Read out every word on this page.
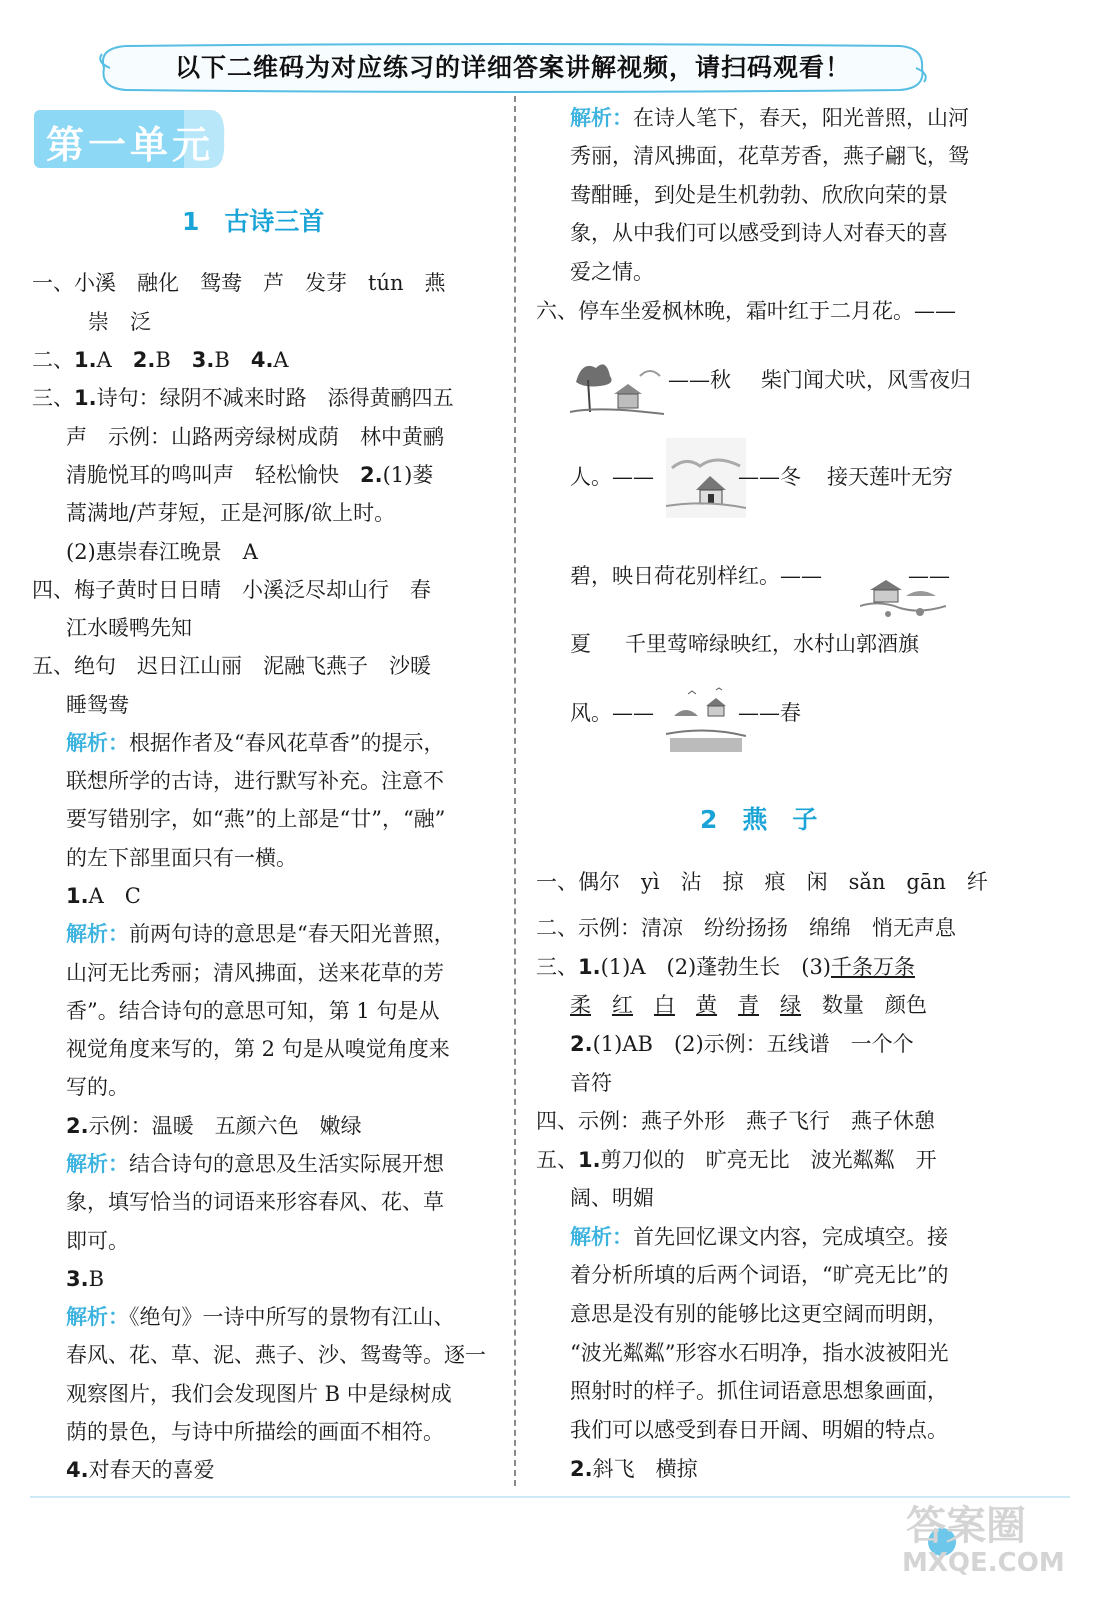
以下二维码为对应练习的详细答案讲解视频，请扫码观看！
第一单元
1　 古诗三首
一、小溪　融化　鸳鸯　芦　发芽　tún　燕
崇　泛
二、1.A　2.B　3.B　4.A
三、1.诗句：绿阴不减来时路　添得黄鹂四五
声　示例：山路两旁绿树成荫　林中黄鹂
清脆悦耳的鸣叫声　轻松愉快　2.(1)蒌
蒿满地/芦芽短，正是河豚/欲上时。
(2)惠崇春江晚景　A
四、梅子黄时日日晴　小溪泛尽却山行　春
江水暖鸭先知
五、绝句　迟日江山丽　泥融飞燕子　沙暖
睡鸳鸯
解析：根据作者及“春风花草香”的提示，
联想所学的古诗，进行默写补充。注意不
要写错别字，如“燕”的上部是“廿”，“融”
的左下部里面只有一横。
1.A　C
解析：前两句诗的意思是“春天阳光普照，
山河无比秀丽；清风拂面，送来花草的芳
香”。结合诗句的意思可知，第 1 句是从
视觉角度来写的，第 2 句是从嗅觉角度来
写的。
2.示例：温暖　五颜六色　嫩绿
解析：结合诗句的意思及生活实际展开想
象，填写恰当的词语来形容春风、花、草
即可。
3.B
解析：《绝句》一诗中所写的景物有江山、
春风、花、草、泥、燕子、沙、鸳鸯等。逐一
观察图片，我们会发现图片 B 中是绿树成
荫的景色，与诗中所描绘的画面不相符。
4.对春天的喜爱
解析：在诗人笔下，春天，阳光普照，山河
秀丽，清风拂面，花草芳香，燕子翩飞，鸳
鸯酣睡，到处是生机勃勃、欣欣向荣的景
象，从中我们可以感受到诗人对春天的喜
爱之情。
六、停车坐爱枫林晚，霜叶红于二月花。——
——秋 柴门闻犬吠，风雪夜归
人。——	——冬 接天莲叶无穷
碧，映日荷花别样红。——	——
夏 千里莺啼绿映红，水村山郭酒旗
风。——	——春
2　 燕　子
一、偶尔　yì　沾　掠　痕　闲　sǎn　gān　纤
二、示例：清凉　纷纷扬扬　绵绵　悄无声息
三、1.(1)A　(2)蓬勃生长　(3)千条万条
柔　 红　 白　 黄　 青　 绿　 数量　 颜色
2.(1)AB　(2)示例：五线谱　一个个
音符
四、示例：燕子外形　燕子飞行　燕子休憩
五、1.剪刀似的　旷亮无比　波光粼粼　开
阔、明媚
解析：首先回忆课文内容，完成填空。接
着分析所填的后两个词语，“旷亮无比”的
意思是没有别的能够比这更空阔而明朗，
“波光粼粼”形容水石明净，指水波被阳光
照射时的样子。抓住词语意思想象画面，
我们可以感受到春日开阔、明媚的特点。
2.斜飞　横掠
答案圈
MXQE.COM
